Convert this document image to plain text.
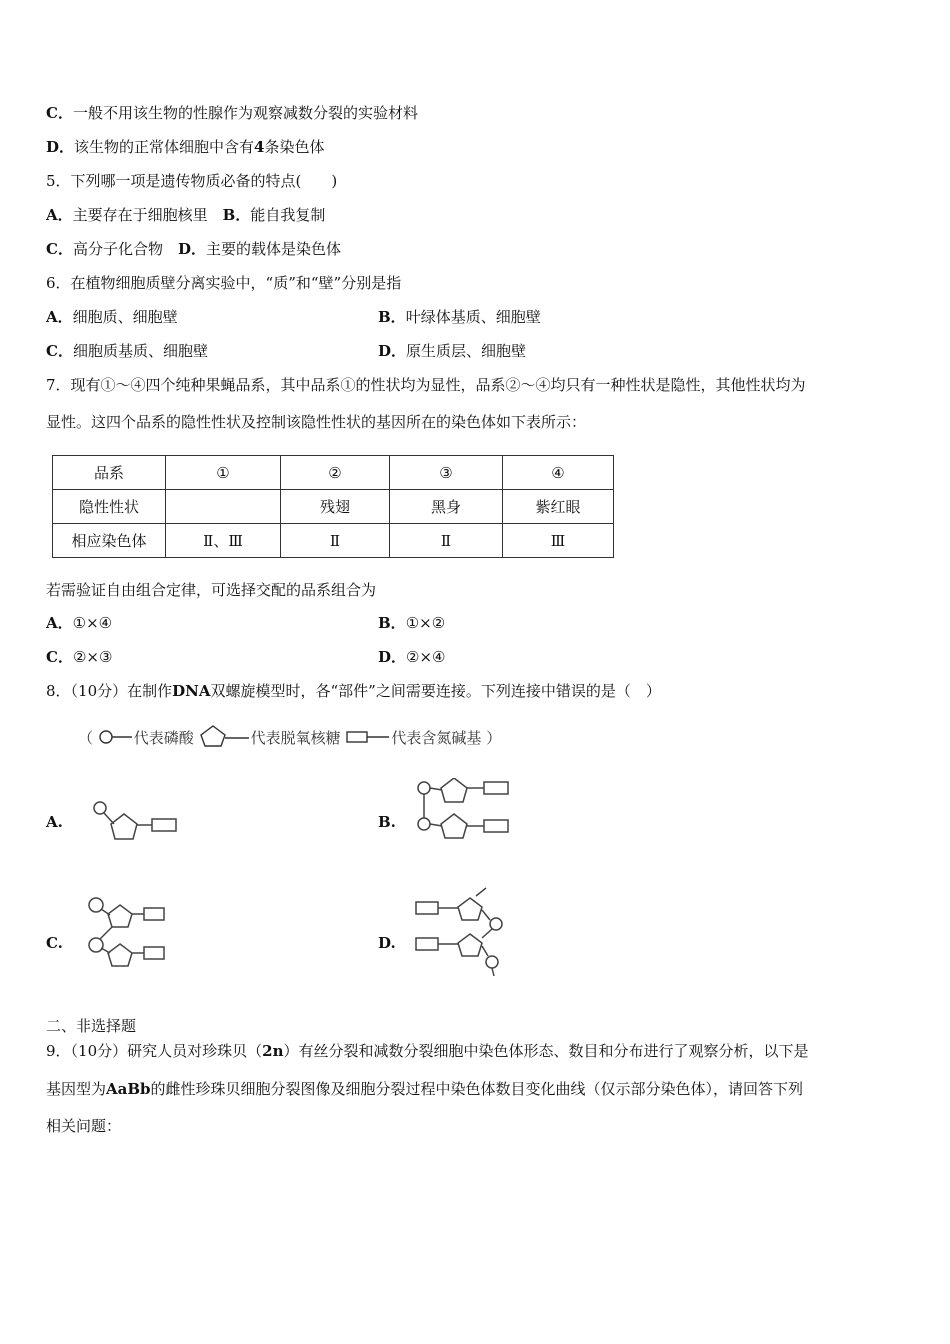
C．一般不用该生物的性腺作为观察减数分裂的实验材料
D．该生物的正常体细胞中含有4条染色体
5．下列哪一项是遗传物质必备的特点(　　)
A．主要存在于细胞核里　 B．能自我复制
C．高分子化合物　 D．主要的载体是染色体
6．在植物细胞质壁分离实验中，“质”和“壁”分别是指
A．细胞质、细胞壁	B．叶绿体基质、细胞壁
C．细胞质基质、细胞壁	D．原生质层、细胞壁
7．现有①～④四个纯种果蝇品系，其中品系①的性状均为显性，品系②～④均只有一种性状是隐性，其他性状均为
显性。这四个品系的隐性性状及控制该隐性性状的基因所在的染色体如下表所示：
品系	①	②	③	④
隐性性状		残翅	黑身	紫红眼
相应染色体	Ⅱ、Ⅲ	Ⅱ	Ⅱ	Ⅲ
若需验证自由组合定律，可选择交配的品系组合为
A．①×④	B．①×②
C．②×③	D．②×④
8．（10分）在制作DNA双螺旋模型时，各“部件”之间需要连接。下列连接中错误的是（　）
（	代表磷酸	代表脱氧核糖	代表含氮碱基 ）
A.	B.
C.	D.
二、非选择题
9．（10分）研究人员对珍珠贝（2n）有丝分裂和减数分裂细胞中染色体形态、数目和分布进行了观察分析，以下是
基因型为AaBb的雌性珍珠贝细胞分裂图像及细胞分裂过程中染色体数目变化曲线（仅示部分染色体），请回答下列
相关问题：
